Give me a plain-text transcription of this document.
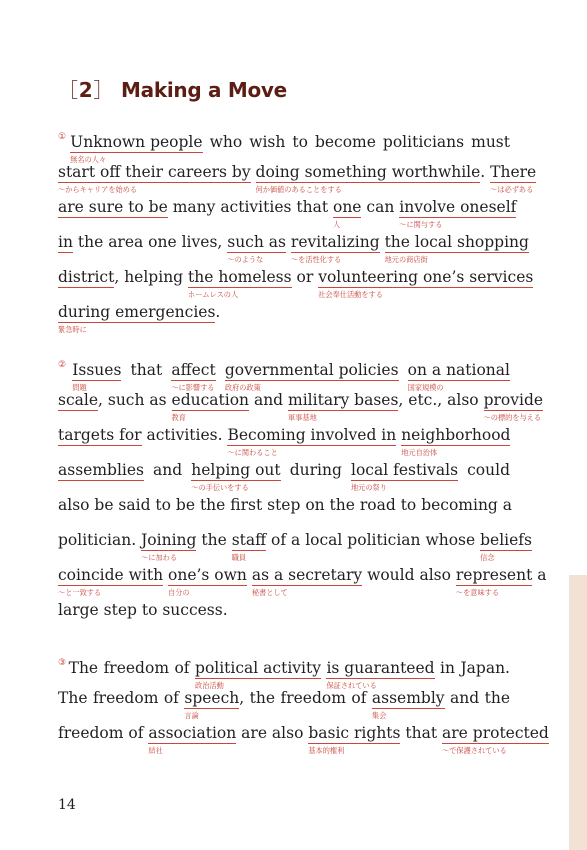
［2］ Making a Move
① Unknown people
無名の人々
who wish to become politicians must
start off their careers by
～からキャリアを始める
doing something worthwhile
何か価値のあることをする
. There
～は必ずある
are sure to be many activities that one
人
can involve oneself
～に関与する
in the area one lives, such as
～のような
revitalizing
～を活性化する
the local shopping
地元の商店街
district, helping the homeless
ホームレスの人
or volunteering one’s services
社会奉仕活動をする
during emergencies
緊急時に
.
② Issues
問題
that affect
～に影響する
governmental policies
政府の政策
on a national
国家規模の
scale, such as education
教育
and military bases
軍事基地
, etc., also provide
～の標的を与える
targets for activities. Becoming involved in
～に関わること
neighborhood
地元自治体
assemblies and helping out
～の手伝いをする
during local festivals
地元の祭り
could
also be said to be the first step on the road to becoming a
politician. Joining
～に加わる
the staff
職員
of a local politician whose beliefs
信念
coincide with
～と一致する
one’s own
自分の
as a secretary
秘書として
would also represent
～を意味する
a
large step to success.
③ The freedom of political activity
政治活動
is guaranteed
保証されている
in Japan.
The freedom of speech
言論
, the freedom of assembly
集会
and the
freedom of association
結社
are also basic rights
基本的権利
that are protected
～で保護されている
14
